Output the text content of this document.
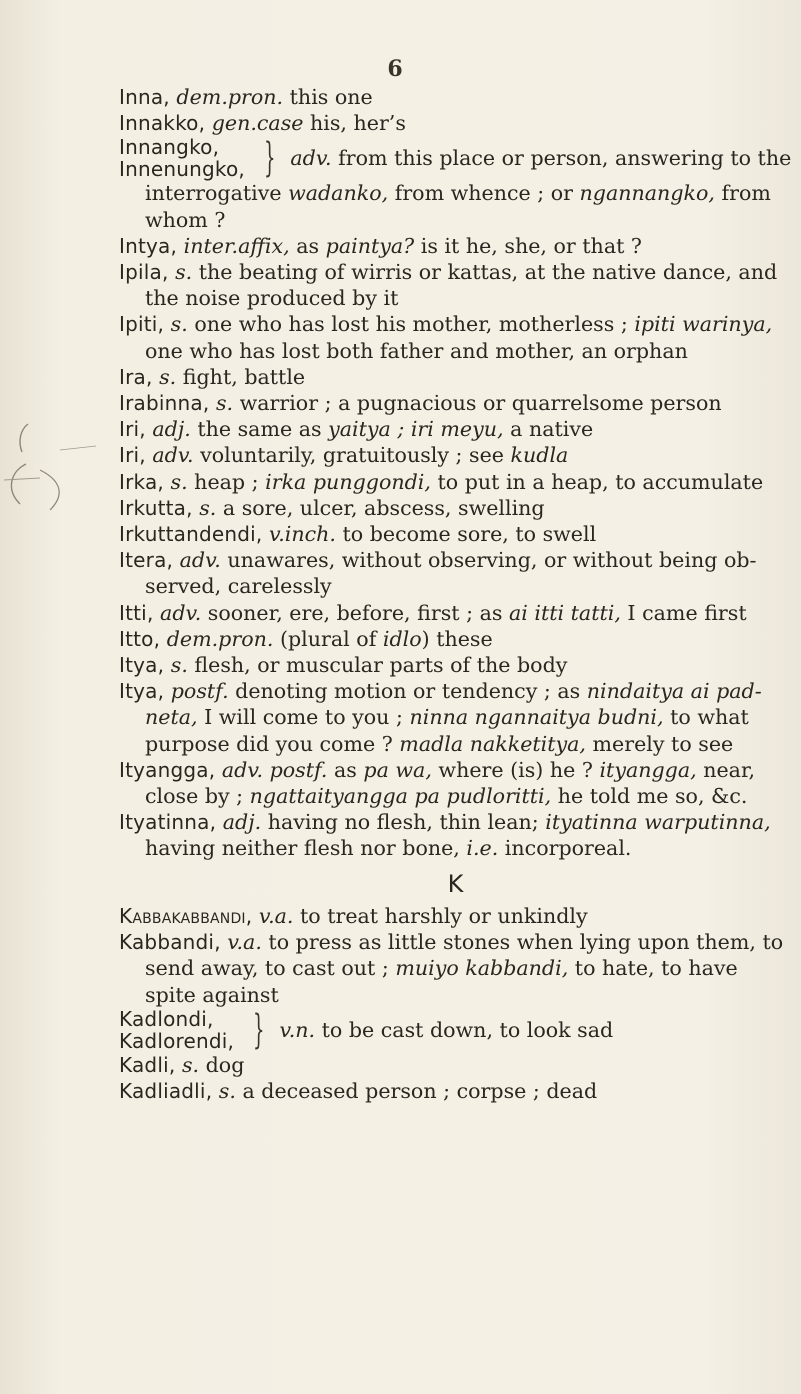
6

Inna, dem.pron. this one

Innakko, gen.case his, her’s

Innangko,
Innenungko, } adv. from this place or person, answering to the
interrogative wadanko, from whence ; or ngannangko, from whom ?

Intya, inter.affix, as paintya? is it he, she, or that ?

Ipila, s. the beating of wirris or kattas, at the native dance, and the noise produced by it

Ipiti, s. one who has lost his mother, motherless ; ipiti warinya, one who has lost both father and mother, an orphan

Ira, s. fight, battle

Irabinna, s. warrior ; a pugnacious or quarrelsome person

Iri, adj. the same as yaityа ; iri meyu, a native

Iri, adv. voluntarily, gratuitously ; see kudla

Irka, s. heap ; irka punggondi, to put in a heap, to accumulate

Irkutta, s. a sore, ulcer, abscess, swelling

Irkuttandendi, v.inch. to become sore, to swell

Itera, adv. unawares, without observing, or without being ob-served, carelessly

Itti, adv. sooner, ere, before, first ; as ai itti tatti, I came first

Itto, dem.pron. (plural of idlo) these

Itya, s. flesh, or muscular parts of the body

Itya, postf. denoting motion or tendency ; as nindaitya ai pad-neta, I will come to you ; ninna ngannaitya budni, to what purpose did you come ? madla nakketitya, merely to see

Ityangga, adv. postf. as pa wa, where (is) he ? ityangga, near, close by ; ngattaityangga pa pudloritti, he told me so, &c.

Ityatinna, adj. having no flesh, thin lean; ityatinna warputinna, having neither flesh nor bone, i.e. incorporeal.

K

Kabbakabbandi, v.a. to treat harshly or unkindly

Kabbandi, v.a. to press as little stones when lying upon them, to send away, to cast out ; muiyo kabbandi, to hate, to have spite against

Kadlondi,
Kadlorendi, } v.n. to be cast down, to look sad

Kadli, s. dog

Kadliadli, s. a deceased person ; corpse ; dead
